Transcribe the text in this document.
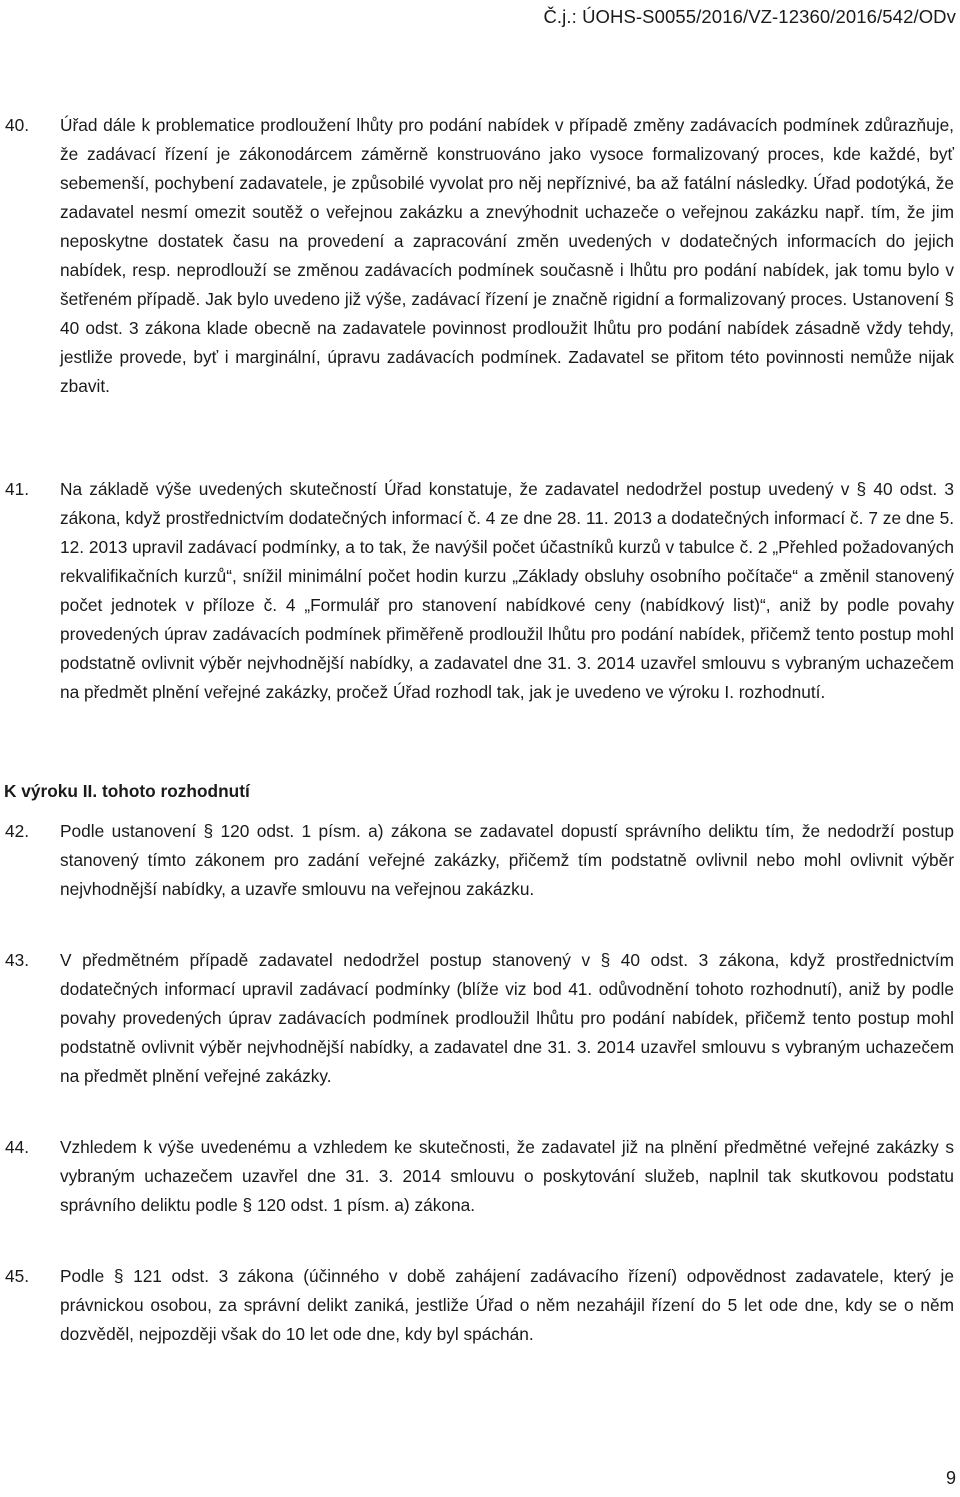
Č.j.: ÚOHS-S0055/2016/VZ-12360/2016/542/ODv
40. Úřad dále k problematice prodloužení lhůty pro podání nabídek v případě změny zadávacích podmínek zdůrazňuje, že zadávací řízení je zákonodárcem záměrně konstruováno jako vysoce formalizovaný proces, kde každé, byť sebemenší, pochybení zadavatele, je způsobilé vyvolat pro něj nepříznivé, ba až fatální následky. Úřad podotýká, že zadavatel nesmí omezit soutěž o veřejnou zakázku a znevýhodnit uchazeče o veřejnou zakázku např. tím, že jim neposkytne dostatek času na provedení a zapracování změn uvedených v dodatečných informacích do jejich nabídek, resp. neprodlouží se změnou zadávacích podmínek současně i lhůtu pro podání nabídek, jak tomu bylo v šetřeném případě. Jak bylo uvedeno již výše, zadávací řízení je značně rigidní a formalizovaný proces. Ustanovení § 40 odst. 3 zákona klade obecně na zadavatele povinnost prodloužit lhůtu pro podání nabídek zásadně vždy tehdy, jestliže provede, byť i marginální, úpravu zadávacích podmínek. Zadavatel se přitom této povinnosti nemůže nijak zbavit.
41. Na základě výše uvedených skutečností Úřad konstatuje, že zadavatel nedodržel postup uvedený v § 40 odst. 3 zákona, když prostřednictvím dodatečných informací č. 4 ze dne 28. 11. 2013 a dodatečných informací č. 7 ze dne 5. 12. 2013 upravil zadávací podmínky, a to tak, že navýšil počet účastníků kurzů v tabulce č. 2 „Přehled požadovaných rekvalifikačních kurzů“, snížil minimální počet hodin kurzu „Základy obsluhy osobního počítače“ a změnil stanovený počet jednotek v příloze č. 4 „Formulář pro stanovení nabídkové ceny (nabídkový list)“, aniž by podle povahy provedených úprav zadávacích podmínek přiměřeně prodloužil lhůtu pro podání nabídek, přičemž tento postup mohl podstatně ovlivnit výběr nejvhodnější nabídky, a zadavatel dne 31. 3. 2014 uzavřel smlouvu s vybraným uchazečem na předmět plnění veřejné zakázky, pročež Úřad rozhodl tak, jak je uvedeno ve výroku I. rozhodnutí.
K výroku II. tohoto rozhodnutí
42. Podle ustanovení § 120 odst. 1 písm. a) zákona se zadavatel dopustí správního deliktu tím, že nedodrží postup stanovený tímto zákonem pro zadání veřejné zakázky, přičemž tím podstatně ovlivnil nebo mohl ovlivnit výběr nejvhodnější nabídky, a uzavře smlouvu na veřejnou zakázku.
43. V předmětném případě zadavatel nedodržel postup stanovený v § 40 odst. 3 zákona, když prostřednictvím dodatečných informací upravil zadávací podmínky (blíže viz bod 41. odůvodnění tohoto rozhodnutí), aniž by podle povahy provedených úprav zadávacích podmínek prodloužil lhůtu pro podání nabídek, přičemž tento postup mohl podstatně ovlivnit výběr nejvhodnější nabídky, a zadavatel dne 31. 3. 2014 uzavřel smlouvu s vybraným uchazečem na předmět plnění veřejné zakázky.
44. Vzhledem k výše uvedenému a vzhledem ke skutečnosti, že zadavatel již na plnění předmětné veřejné zakázky s vybraným uchazečem uzavřel dne 31. 3. 2014 smlouvu o poskytování služeb, naplnil tak skutkovou podstatu správního deliktu podle § 120 odst. 1 písm. a) zákona.
45. Podle § 121 odst. 3 zákona (účinného v době zahájení zadávacího řízení) odpovědnost zadavatele, který je právnickou osobou, za správní delikt zaniká, jestliže Úřad o něm nezahájil řízení do 5 let ode dne, kdy se o něm dozvěděl, nejpozději však do 10 let ode dne, kdy byl spáchán.
9
